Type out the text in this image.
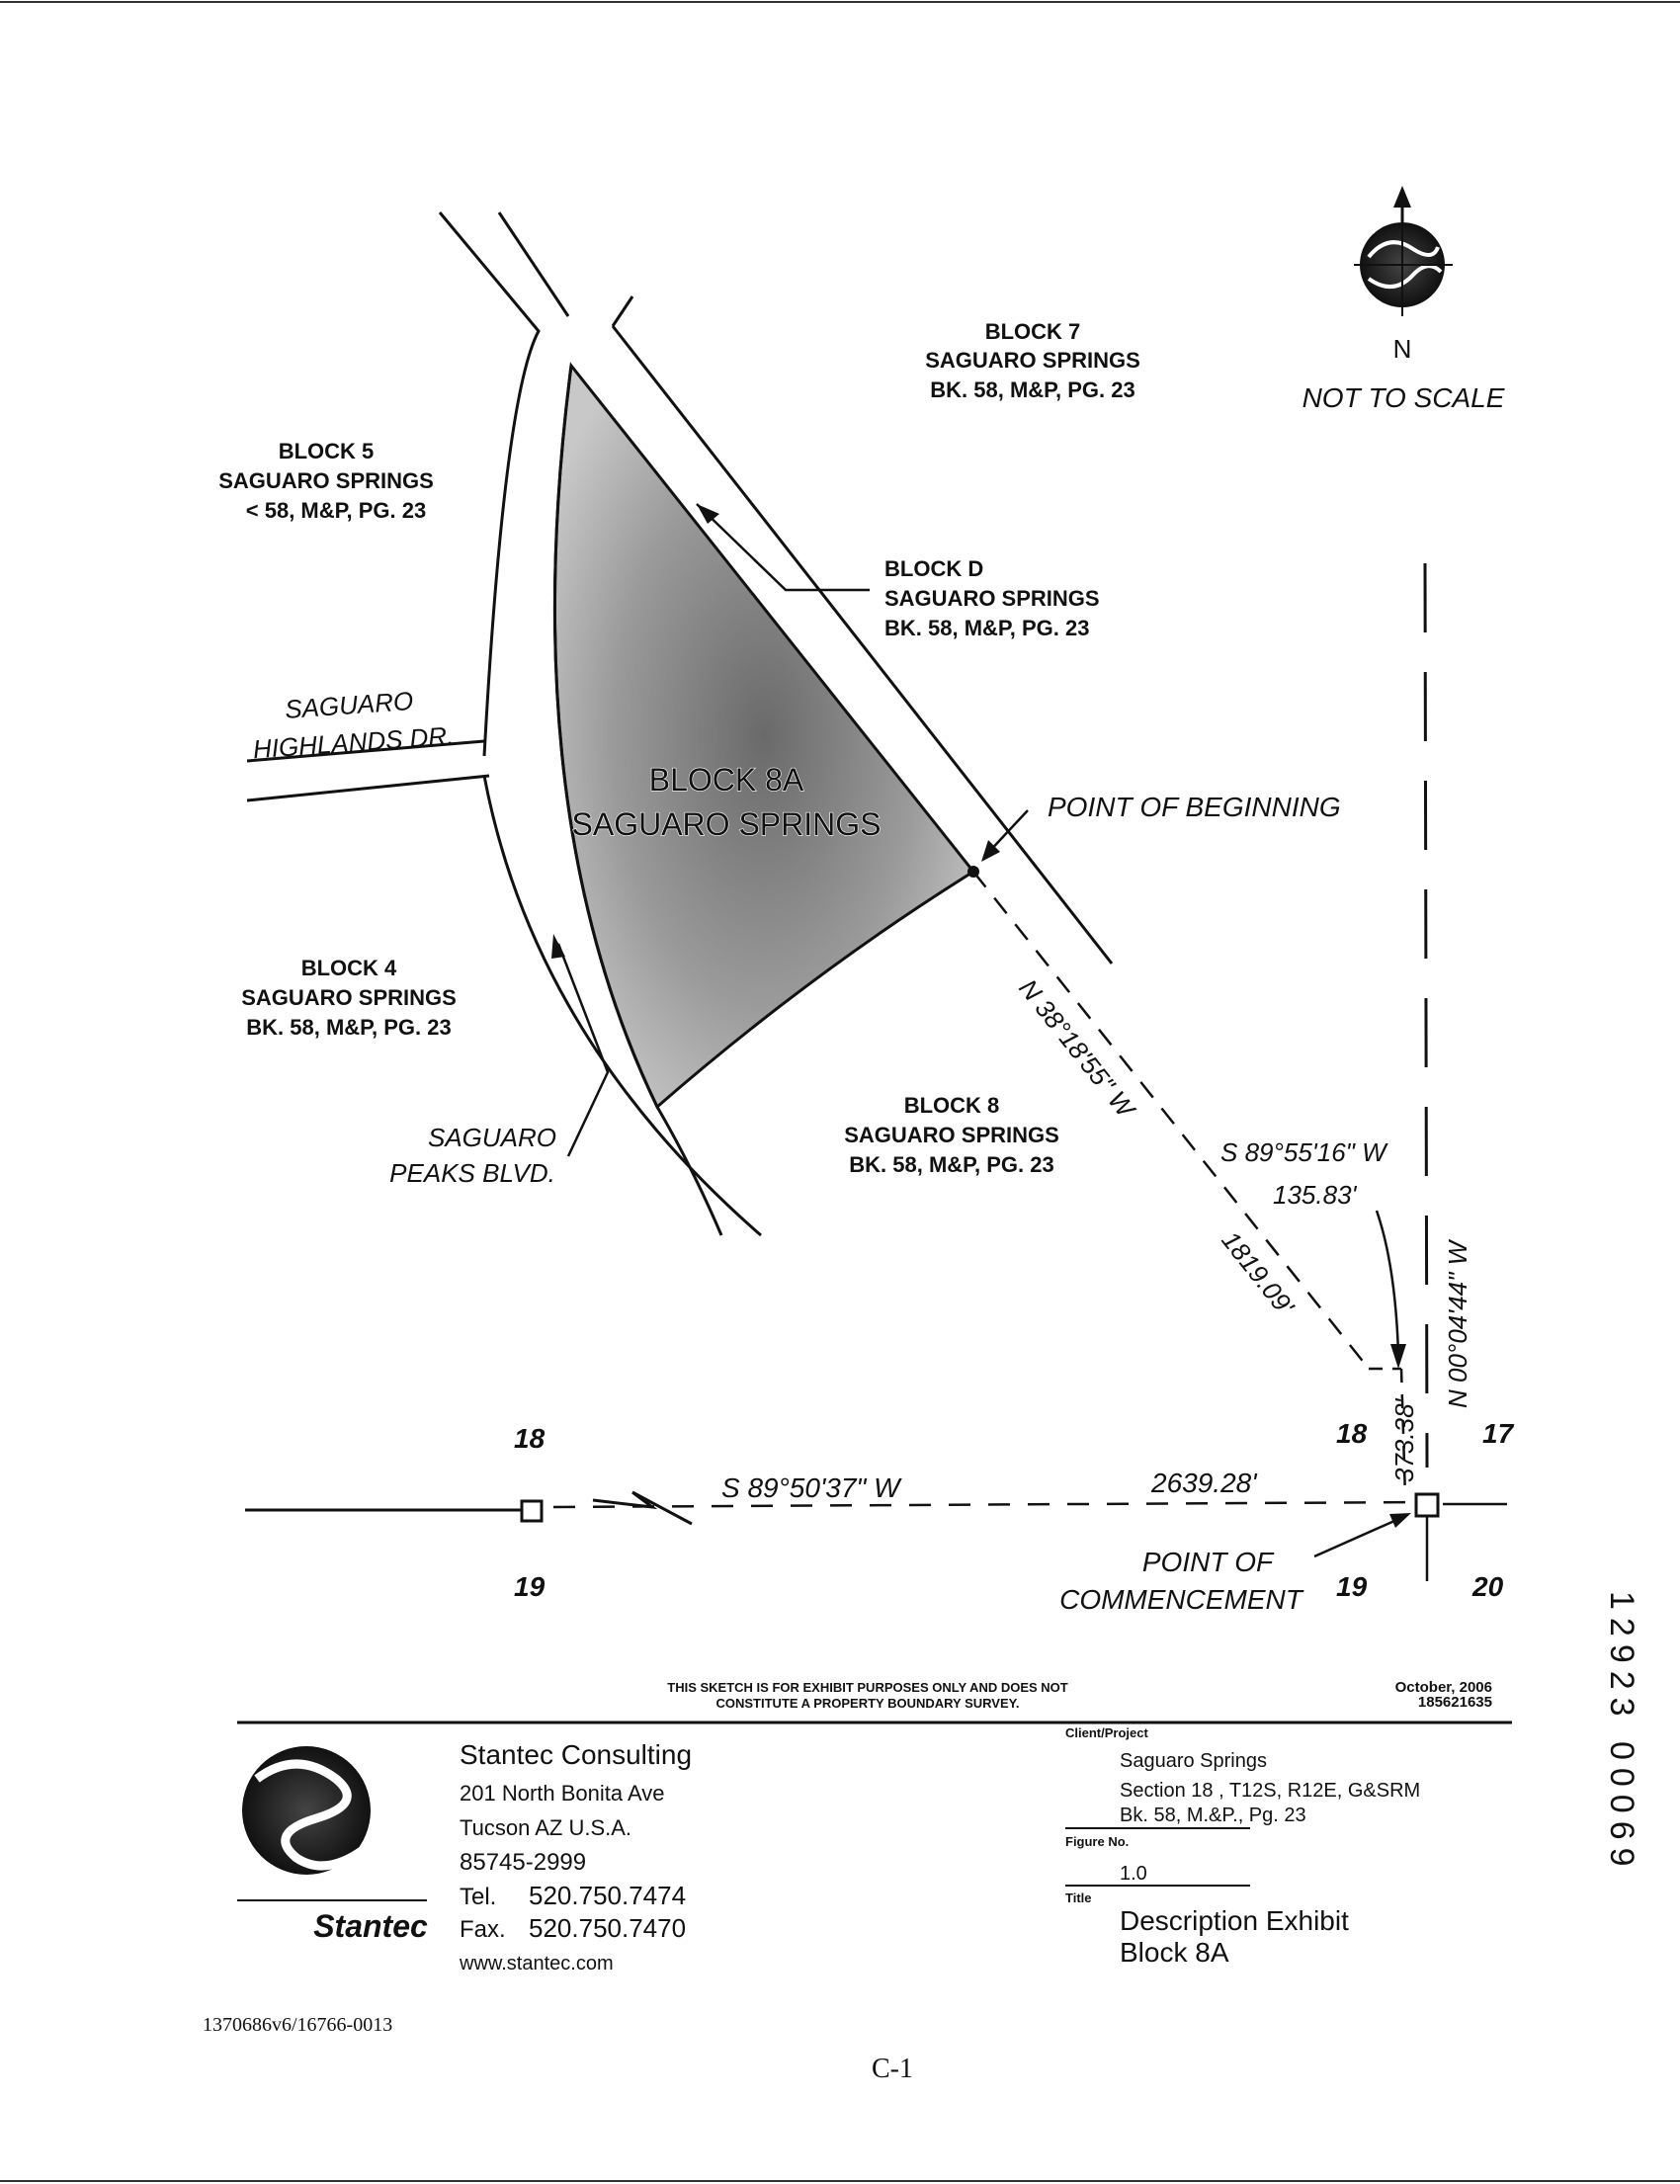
N
NOT TO SCALE
BLOCK 7
SAGUARO SPRINGS
BK. 58, M&P, PG. 23
BLOCK 5
SAGUARO SPRINGS
< 58, M&P, PG. 23
BLOCK D
SAGUARO SPRINGS
BK. 58, M&P, PG. 23
BLOCK 8A
SAGUARO SPRINGS
BLOCK 4
SAGUARO SPRINGS
BK. 58, M&P, PG. 23
BLOCK 8
SAGUARO SPRINGS
BK. 58, M&P, PG. 23
SAGUARO
HIGHLANDS DR.
SAGUARO
PEAKS BLVD.
POINT OF BEGINNING
POINT OF
COMMENCEMENT
N 38°18'55" W
1819.09'
S 89°55'16" W
135.83'
N 00°04'44" W
373.38'
S 89°50'37" W	2639.28'
18
19
18	17
19	20
THIS SKETCH IS FOR EXHIBIT PURPOSES ONLY AND DOES NOT
CONSTITUTE A PROPERTY BOUNDARY SURVEY.
October, 2006
185621635
Stantec
Stantec Consulting
201 North Bonita Ave
Tucson AZ U.S.A.
85745-2999
Tel. 520.750.7474
Fax. 520.750.7470
www.stantec.com
Client/Project
Saguaro Springs
Section 18 , T12S, R12E, G&SRM
Bk. 58, M.&P., Pg. 23
Figure No.
1.0
Title
Description Exhibit
Block 8A
1370686v6/16766-0013
C-1
12923 00069
